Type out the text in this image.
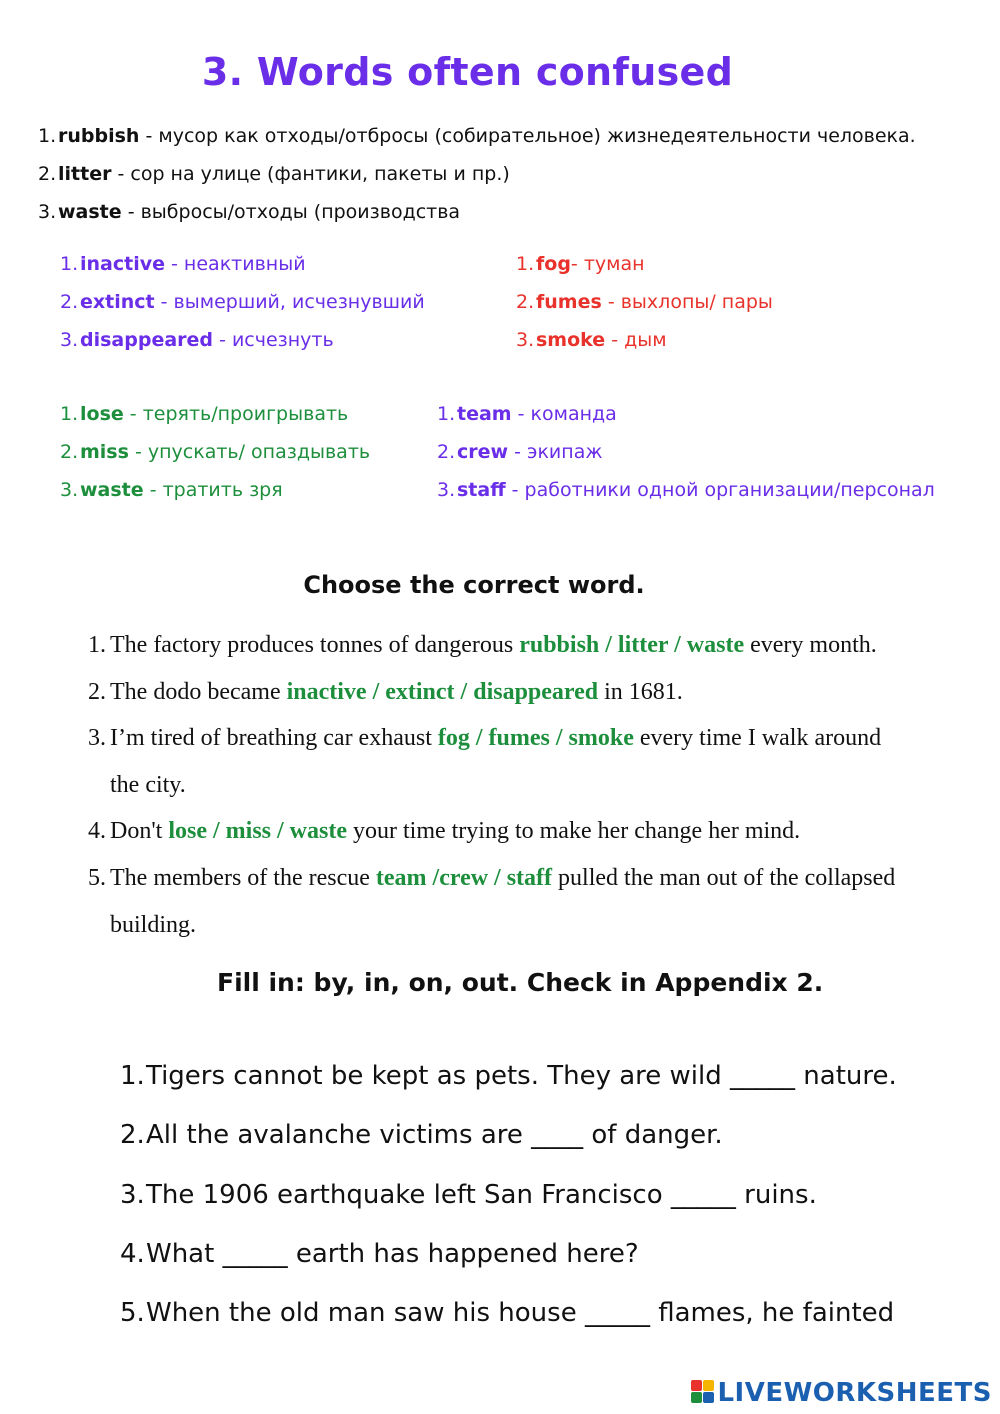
3. Words often confused
1.rubbish - мусор как отходы/отбросы (собирательное) жизнедеятельности человека.
2.litter - сор на улице (фантики, пакеты и пр.)
3.waste - выбросы/отходы (производства
1.inactive - неактивный
2.extinct - вымерший, исчезнувший
3.disappeared - исчезнуть
1.fog- туман
2.fumes - выхлопы/ пары
3.smoke - дым
1.lose - терять/проигрывать
2.miss - упускать/ опаздывать
3.waste - тратить зря
1.team - команда
2.crew - экипаж
3.staff - работники одной организации/персонал
Choose the correct word.
1. The factory produces tonnes of dangerous rubbish / litter / waste every month.
2. The dodo became inactive / extinct / disappeared in 1681.
3. I’m tired of breathing car exhaust fog / fumes / smoke every time I walk around the city.
4. Don't lose / miss / waste your time trying to make her change her mind.
5. The members of the rescue team /crew / staff pulled the man out of the collapsed building.
Fill in: by, in, on, out. Check in Appendix 2.
1.Tigers cannot be kept as pets. They are wild _____ nature.
2.All the avalanche victims are ____ of danger.
3.The 1906 earthquake left San Francisco _____ ruins.
4.What _____ earth has happened here?
5.When the old man saw his house _____ flames, he fainted
LIVEWORKSHEETS
